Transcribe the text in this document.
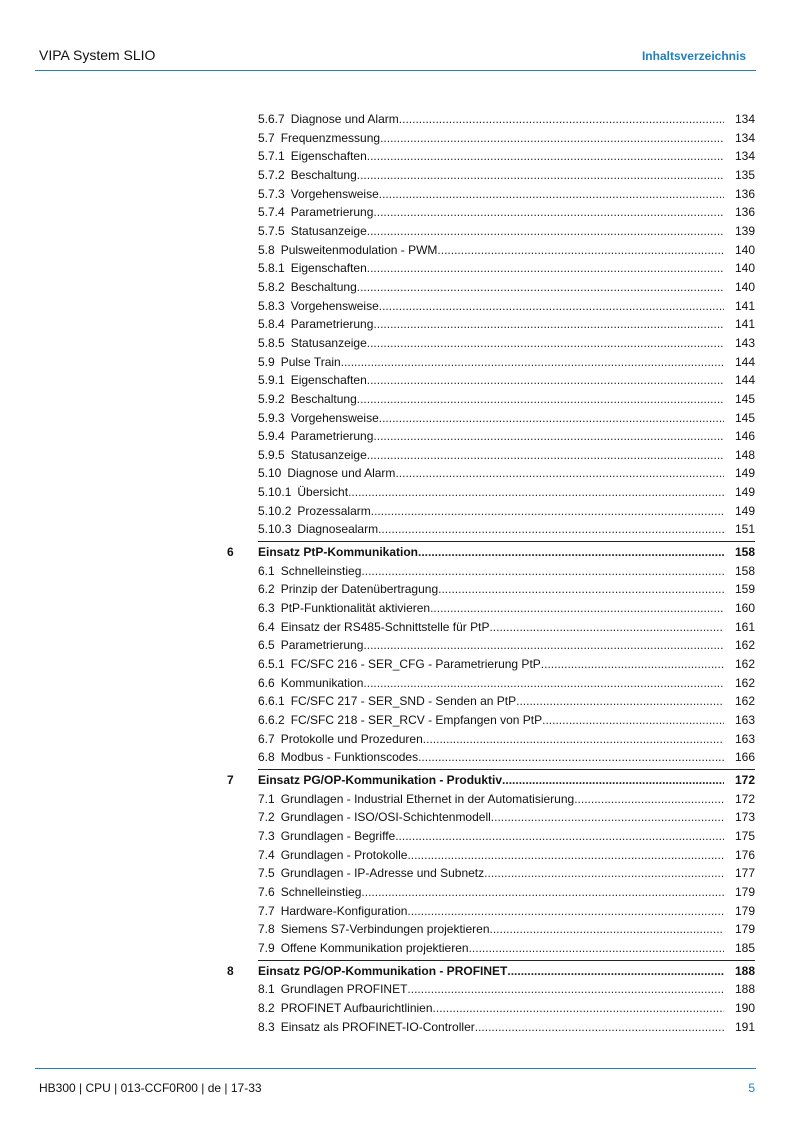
VIPA System SLIO	Inhaltsverzeichnis
5.6.7 Diagnose und Alarm .....	134
5.7 Frequenzmessung .....	134
5.7.1 Eigenschaften .....	134
5.7.2 Beschaltung .....	135
5.7.3 Vorgehensweise .....	136
5.7.4 Parametrierung .....	136
5.7.5 Statusanzeige .....	139
5.8 Pulsweitenmodulation - PWM .....	140
5.8.1 Eigenschaften .....	140
5.8.2 Beschaltung .....	140
5.8.3 Vorgehensweise .....	141
5.8.4 Parametrierung .....	141
5.8.5 Statusanzeige .....	143
5.9 Pulse Train .....	144
5.9.1 Eigenschaften .....	144
5.9.2 Beschaltung .....	145
5.9.3 Vorgehensweise .....	145
5.9.4 Parametrierung .....	146
5.9.5 Statusanzeige .....	148
5.10 Diagnose und Alarm .....	149
5.10.1 Übersicht .....	149
5.10.2 Prozessalarm .....	149
5.10.3 Diagnosealarm .....	151
6 Einsatz PtP-Kommunikation .....	158
6.1 Schnelleinstieg .....	158
6.2 Prinzip der Datenübertragung .....	159
6.3 PtP-Funktionalität aktivieren .....	160
6.4 Einsatz der RS485-Schnittstelle für PtP .....	161
6.5 Parametrierung .....	162
6.5.1 FC/SFC 216 - SER_CFG - Parametrierung PtP .....	162
6.6 Kommunikation .....	162
6.6.1 FC/SFC 217 - SER_SND - Senden an PtP .....	162
6.6.2 FC/SFC 218 - SER_RCV - Empfangen von PtP .....	163
6.7 Protokolle und Prozeduren .....	163
6.8 Modbus - Funktionscodes .....	166
7 Einsatz PG/OP-Kommunikation - Produktiv .....	172
7.1 Grundlagen - Industrial Ethernet in der Automatisierung .....	172
7.2 Grundlagen - ISO/OSI-Schichtenmodell .....	173
7.3 Grundlagen - Begriffe .....	175
7.4 Grundlagen - Protokolle .....	176
7.5 Grundlagen - IP-Adresse und Subnetz .....	177
7.6 Schnelleinstieg .....	179
7.7 Hardware-Konfiguration .....	179
7.8 Siemens S7-Verbindungen projektieren .....	179
7.9 Offene Kommunikation projektieren .....	185
8 Einsatz PG/OP-Kommunikation - PROFINET .....	188
8.1 Grundlagen PROFINET .....	188
8.2 PROFINET Aufbaurichtlinien .....	190
8.3 Einsatz als PROFINET-IO-Controller .....	191
HB300 | CPU | 013-CCF0R00 | de | 17-33	5
